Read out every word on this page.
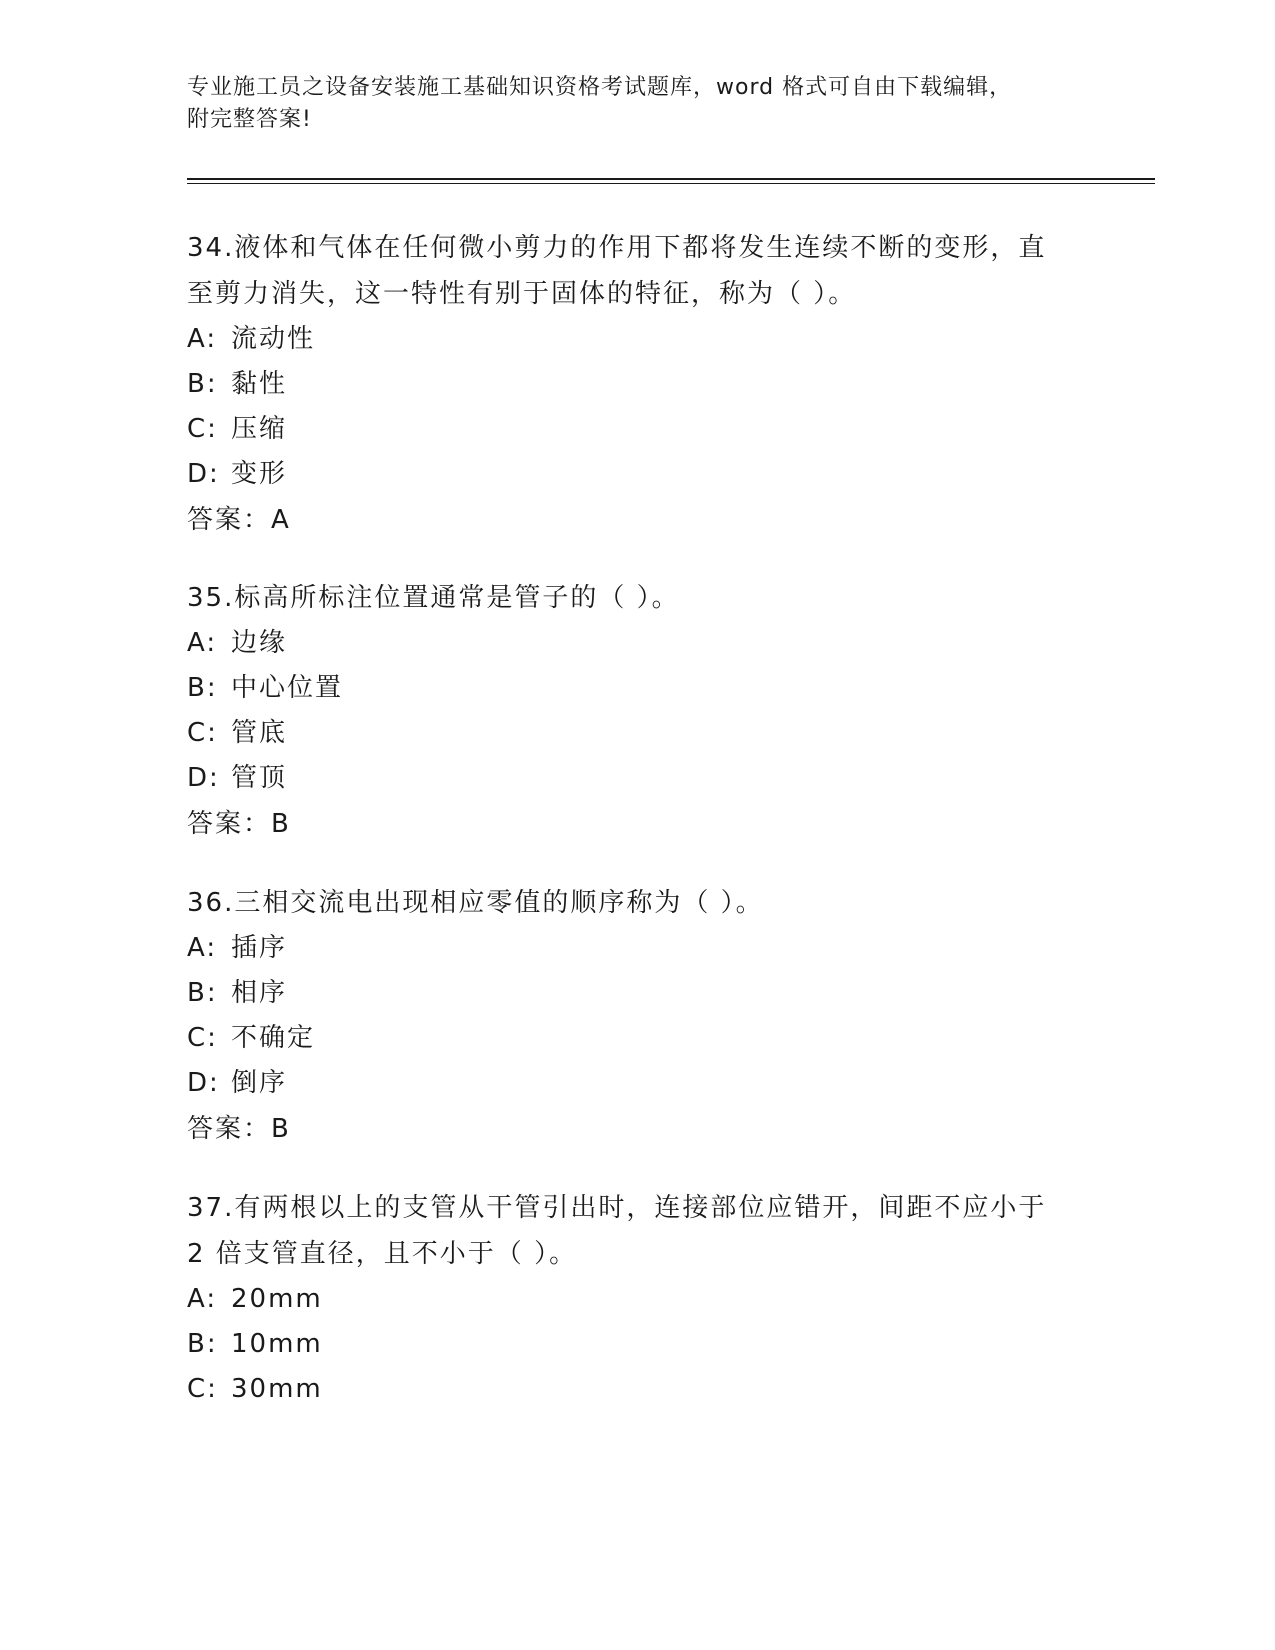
专业施工员之设备安装施工基础知识资格考试题库，word 格式可自由下载编辑，
附完整答案!
34.液体和气体在任何微小剪力的作用下都将发生连续不断的变形，直
至剪力消失，这一特性有别于固体的特征，称为（ ）。
A: 流动性
B: 黏性
C: 压缩
D: 变形
答案：A
35.标高所标注位置通常是管子的（ ）。
A: 边缘
B: 中心位置
C: 管底
D: 管顶
答案：B
36.三相交流电出现相应零值的顺序称为（ ）。
A: 插序
B: 相序
C: 不确定
D: 倒序
答案：B
37.有两根以上的支管从干管引出时，连接部位应错开，间距不应小于
2 倍支管直径，且不小于（ ）。
A: 20mm
B: 10mm
C: 30mm
